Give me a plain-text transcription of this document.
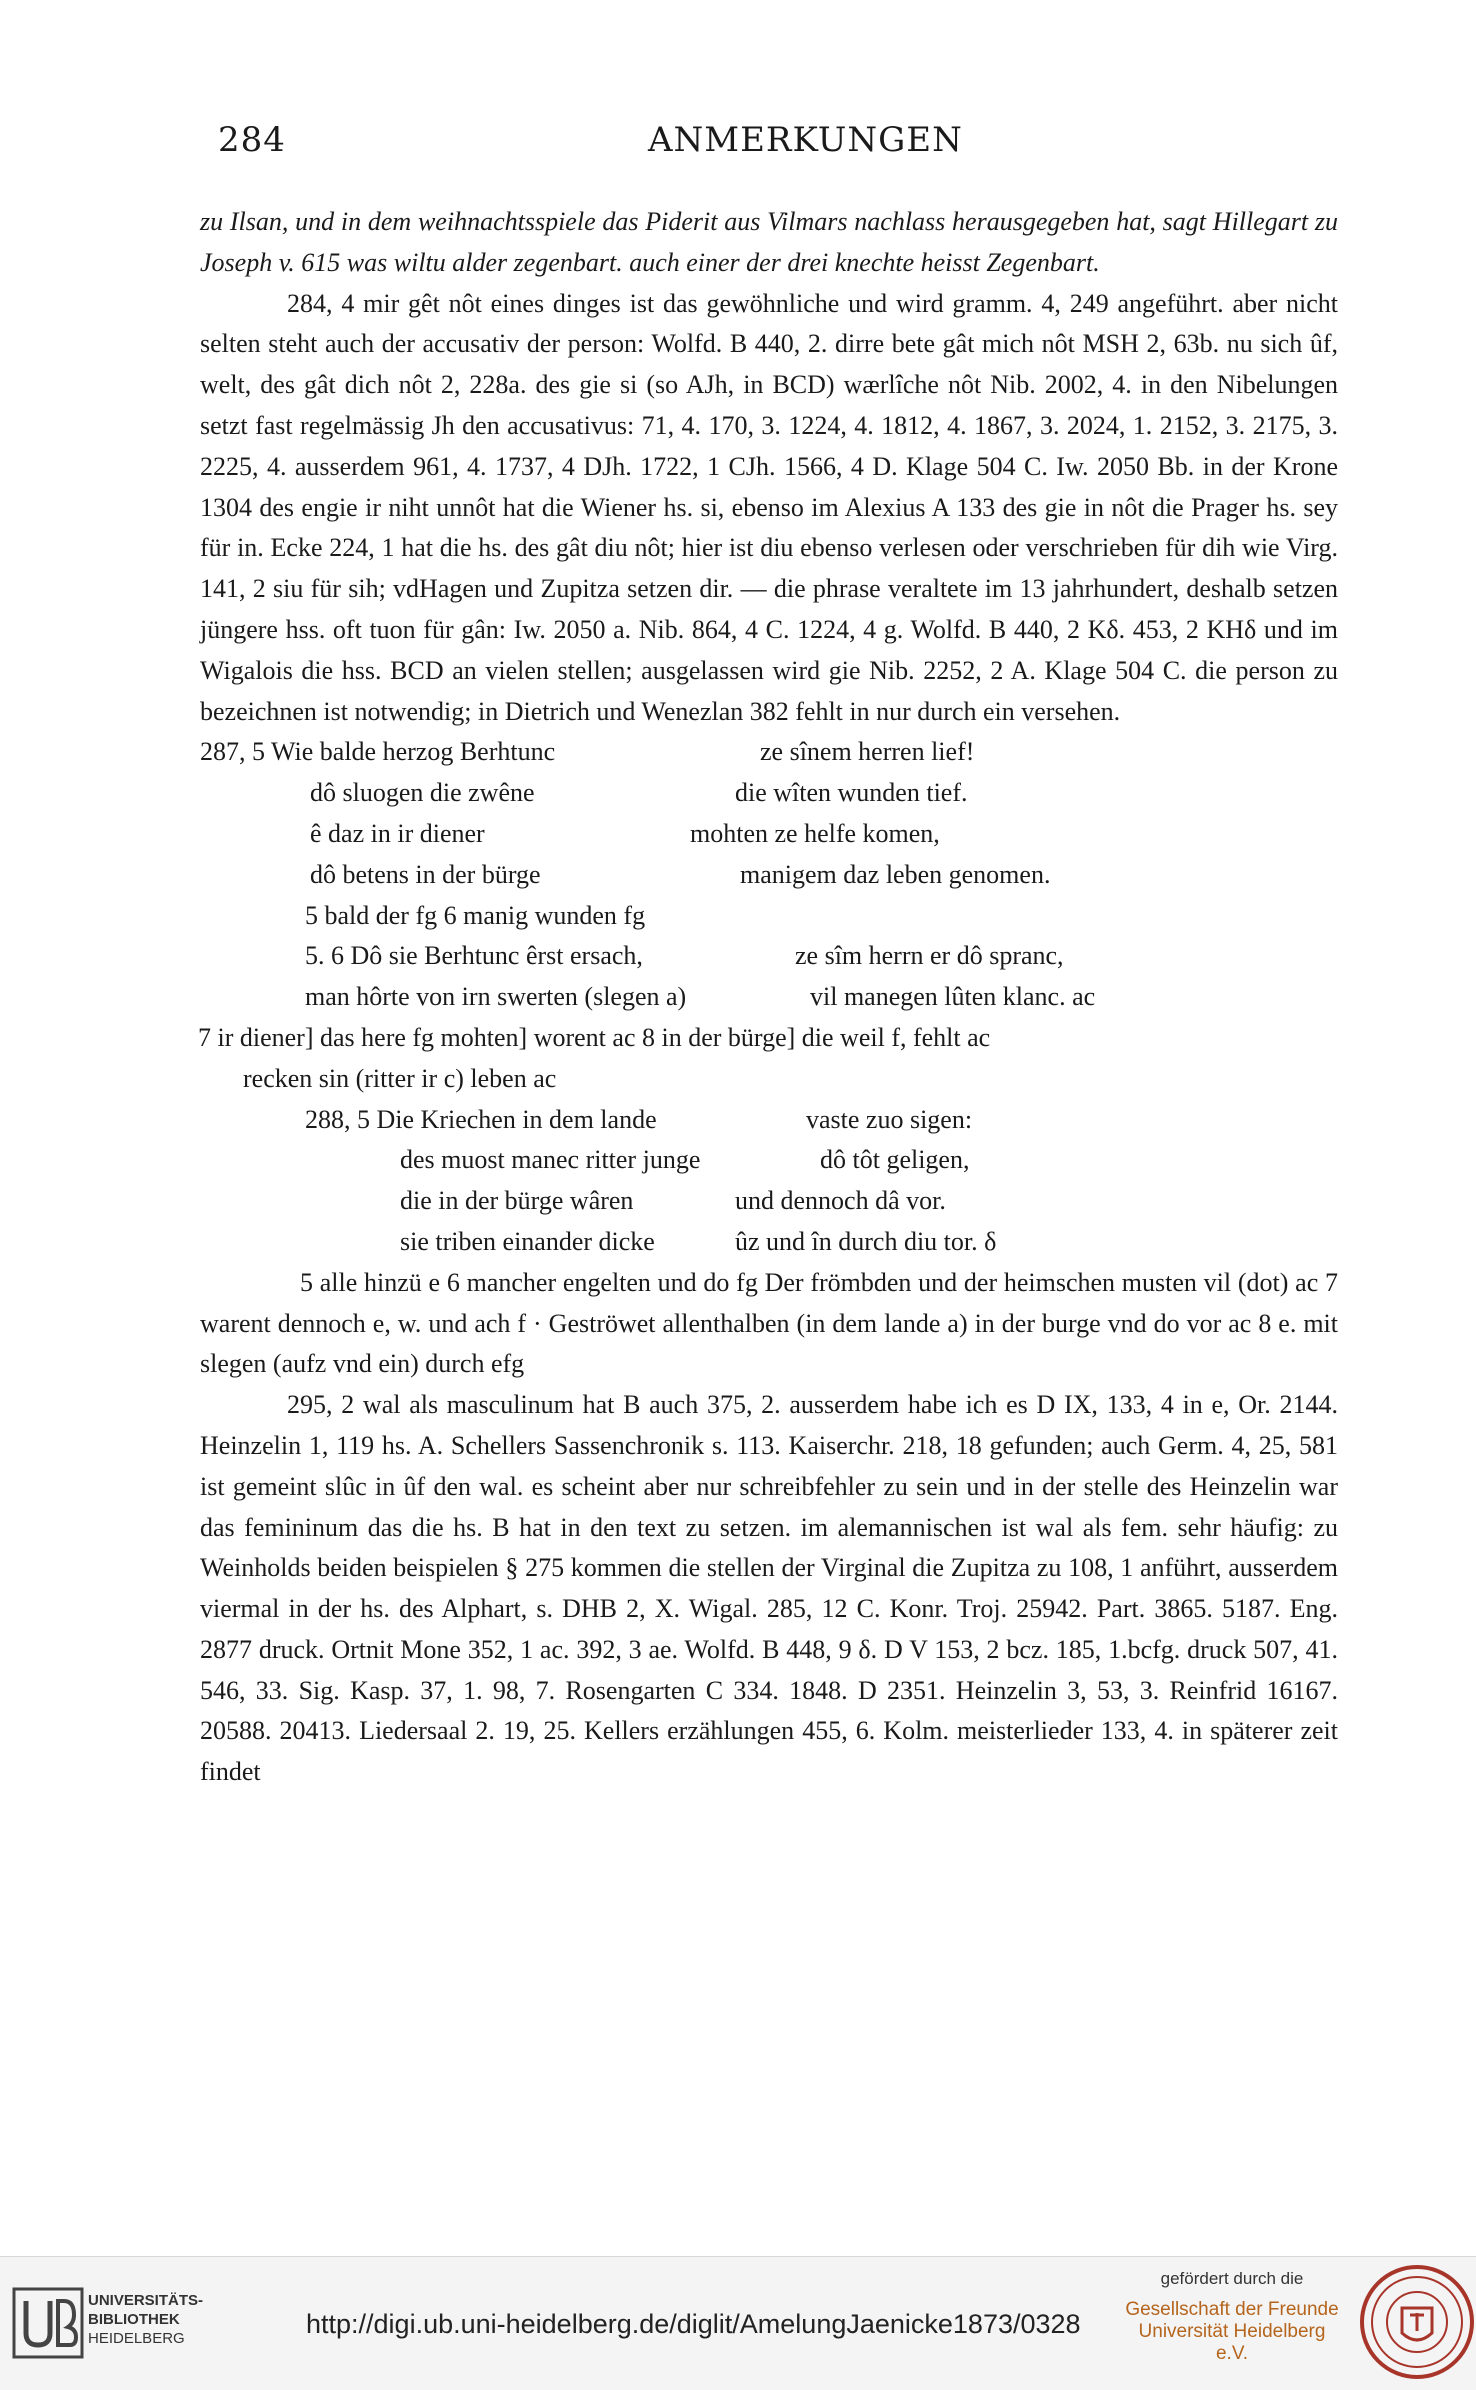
284	ANMERKUNGEN

zu Ilsan, und in dem weihnachtsspiele das Piderit aus Vilmars nachlass herausgegeben hat, sagt Hillegart zu Joseph v. 615 was wiltu alder zegenbart. auch einer der drei knechte heisst Zegenbart.

284, 4 mir gêt nôt eines dinges ist das gewöhnliche und wird gramm. 4, 249 angeführt. aber nicht selten steht auch der accusativ der person: Wolfd. B 440, 2. dirre bete gât mich nôt MSH 2, 63b. nu sich ûf, welt, des gât dich nôt 2, 228a. des gie si (so AJh, in BCD) wærlîche nôt Nib. 2002, 4. in den Nibelungen setzt fast regelmässig Jh den accusativus: 71, 4. 170, 3. 1224, 4. 1812, 4. 1867, 3. 2024, 1. 2152, 3. 2175, 3. 2225, 4. ausserdem 961, 4. 1737, 4 DJh. 1722, 1 CJh. 1566, 4 D. Klage 504 C. Iw. 2050 Bb. in der Krone 1304 des engie ir niht unnôt hat die Wiener hs. si, ebenso im Alexius A 133 des gie in nôt die Prager hs. sey für in. Ecke 224, 1 hat die hs. des gât diu nôt; hier ist diu ebenso verlesen oder verschrieben für dih wie Virg. 141, 2 siu für sih; vdHagen und Zupitza setzen dir. — die phrase veraltete im 13 jahrhundert, deshalb setzen jüngere hss. oft tuon für gân: Iw. 2050 a. Nib. 864, 4 C. 1224, 4 g. Wolfd. B 440, 2 Kδ. 453, 2 KHδ und im Wigalois die hss. BCD an vielen stellen; ausgelassen wird gie Nib. 2252, 2 A. Klage 504 C. die person zu bezeichnen ist notwendig; in Dietrich und Wenezlan 382 fehlt in nur durch ein versehen.

287, 5 Wie balde herzog Berhtunc	ze sînem herren lief!
dô sluogen die zwêne	die wîten wunden tief.
ê daz in ir diener	mohten ze helfe komen,
dô betens in der bürge	manigem daz leben genomen.
5 bald der fg 6 manig wunden fg
5. 6 Dô sie Berhtunc êrst ersach,	ze sîm herrn er dô spranc,
man hôrte von irn swerten (slegen a)	vil manegen lûten klanc. ac
7 ir diener] das here fg mohten] worent ac 8 in der bürge] die weil f, fehlt ac
recken sin (ritter ir c) leben ac
288, 5 Die Kriechen in dem lande	vaste zuo sigen:
des muost manec ritter junge	dô tôt geligen,
die in der bürge wâren	und dennoch dâ vor.
sie triben einander dicke	ûz und în durch diu tor. δ

5 alle hinzü e 6 mancher engelten und do fg Der frömbden und der heimschen musten vil (dot) ac 7 warent dennoch e, w. und ach f · Geströwet allenthalben (in dem lande a) in der burge vnd do vor ac 8 e. mit slegen (aufz vnd ein) durch efg

295, 2 wal als masculinum hat B auch 375, 2. ausserdem habe ich es D IX, 133, 4 in e, Or. 2144. Heinzelin 1, 119 hs. A. Schellers Sassenchronik s. 113. Kaiserchr. 218, 18 gefunden; auch Germ. 4, 25, 581 ist gemeint slûc in ûf den wal. es scheint aber nur schreibfehler zu sein und in der stelle des Heinzelin war das femininum das die hs. B hat in den text zu setzen. im alemannischen ist wal als fem. sehr häufig: zu Weinholds beiden beispielen § 275 kommen die stellen der Virginal die Zupitza zu 108, 1 anführt, ausserdem viermal in der hs. des Alphart, s. DHB 2, X. Wigal. 285, 12 C. Konr. Troj. 25942. Part. 3865. 5187. Eng. 2877 druck. Ortnit Mone 352, 1 ac. 392, 3 ae. Wolfd. B 448, 9 δ. D V 153, 2 bcz. 185, 1.bcfg. druck 507, 41. 546, 33. Sig. Kasp. 37, 1. 98, 7. Rosengarten C 334. 1848. D 2351. Heinzelin 3, 53, 3. Reinfrid 16167. 20588. 20413. Liedersaal 2. 19, 25. Kellers erzählungen 455, 6. Kolm. meisterlieder 133, 4. in späterer zeit findet

UNIVERSITÄTS-
BIBLIOTHEK
HEIDELBERG	http://digi.ub.uni-heidelberg.de/diglit/AmelungJaenicke1873/0328
gefördert durch die
Gesellschaft der Freunde
Universität Heidelberg e.V.
